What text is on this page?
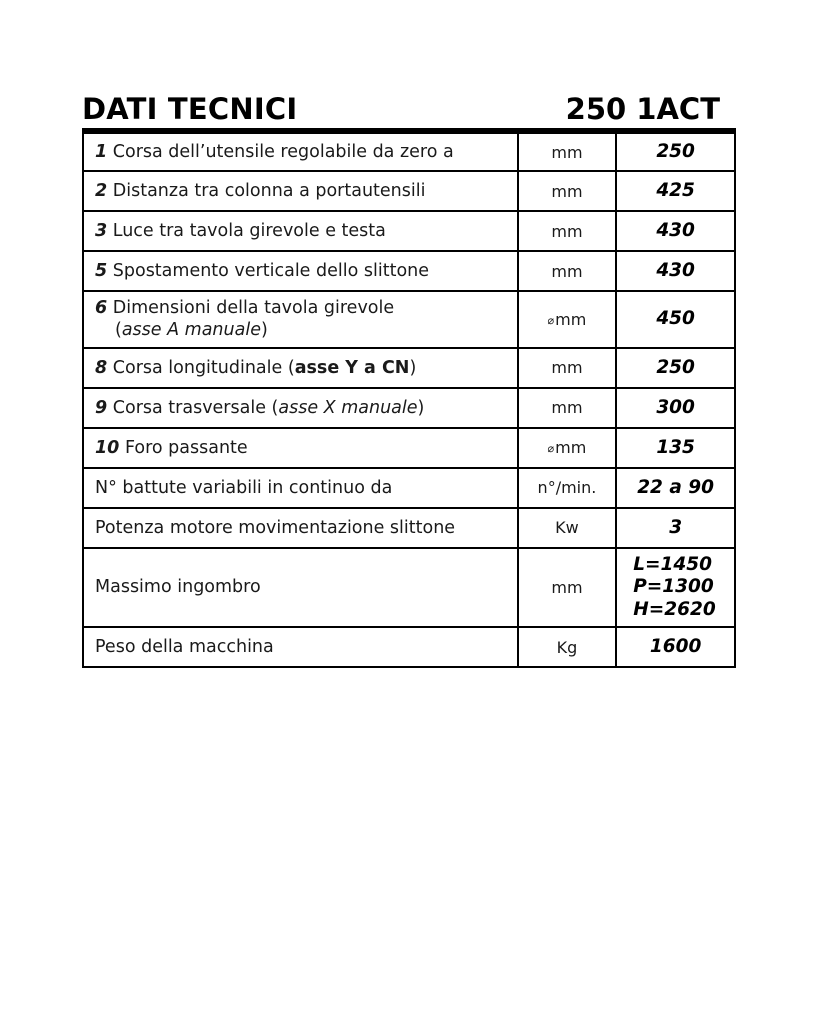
DATI TECNICI	250 1ACT
1 Corsa dell’utensile regolabile da zero a	mm	250
2 Distanza tra colonna a portautensili	mm	425
3 Luce tra tavola girevole e testa	mm	430
5 Spostamento verticale dello slittone	mm	430
6 Dimensioni della tavola girevole
(asse A manuale)	⌀mm	450
8 Corsa longitudinale (asse Y a CN)	mm	250
9 Corsa trasversale (asse X manuale)	mm	300
10 Foro passante	⌀mm	135
N° battute variabili in continuo da	n°/min.	22 a 90
Potenza motore movimentazione slittone	Kw	3
Massimo ingombro	mm	L=1450
P=1300
H=2620

Peso della macchina	Kg	1600
